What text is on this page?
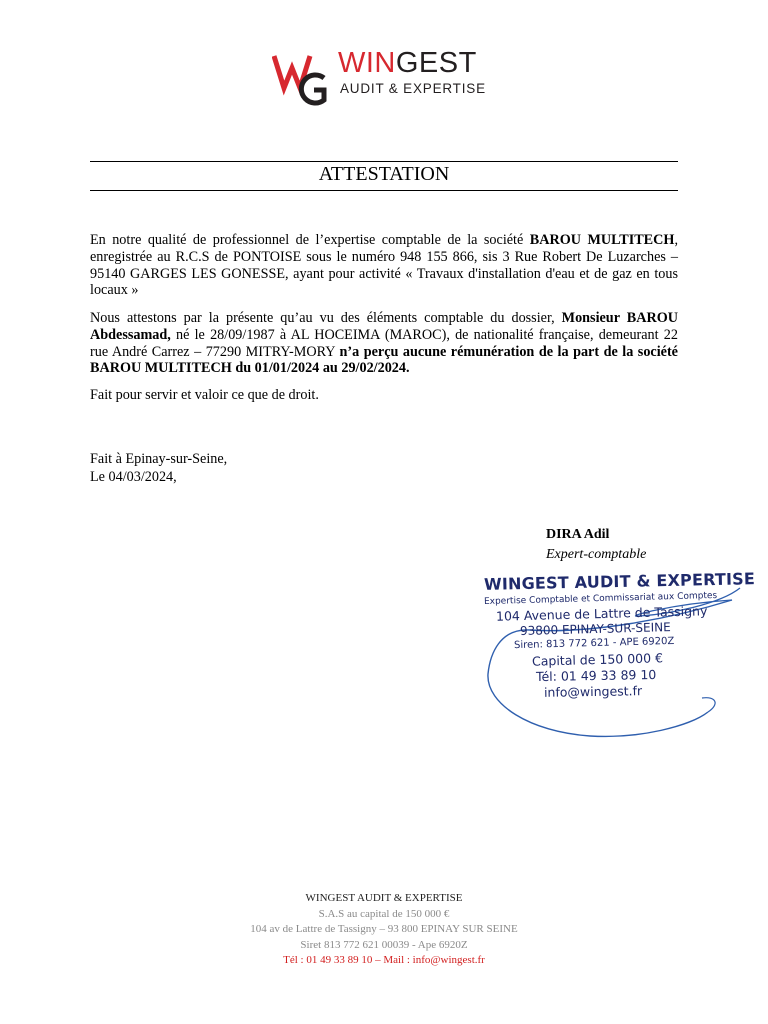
WINGEST
AUDIT & EXPERTISE
ATTESTATION

En notre qualité de professionnel de l’expertise comptable de la société BAROU MULTITECH, enregistrée au R.C.S de PONTOISE sous le numéro 948 155 866, sis 3 Rue Robert De Luzarches – 95140 GARGES LES GONESSE, ayant pour activité « Travaux d'installation d'eau et de gaz en tous locaux »

Nous attestons par la présente qu’au vu des éléments comptable du dossier, Monsieur BAROU Abdessamad, né le 28/09/1987 à AL HOCEIMA (MAROC), de nationalité française, demeurant 22 rue André Carrez – 77290 MITRY-MORY n’a perçu aucune rémunération de la part de la société BAROU MULTITECH du 01/01/2024 au 29/02/2024.

Fait pour servir et valoir ce que de droit.
Fait à Epinay-sur-Seine,
Le 04/03/2024,
DIRA Adil
Expert-comptable
WINGEST AUDIT & EXPERTISE
Expertise Comptable et Commissariat aux Comptes
104 Avenue de Lattre de Tassigny
93800 EPINAY-SUR-SEINE
Siren: 813 772 621 - APE 6920Z
Capital de 150 000 €
Tél: 01 49 33 89 10
info@wingest.fr
WINGEST AUDIT & EXPERTISE
S.A.S au capital de 150 000 €
104 av de Lattre de Tassigny – 93 800 EPINAY SUR SEINE
Siret 813 772 621 00039 - Ape 6920Z
Tél : 01 49 33 89 10 – Mail : info@wingest.fr
